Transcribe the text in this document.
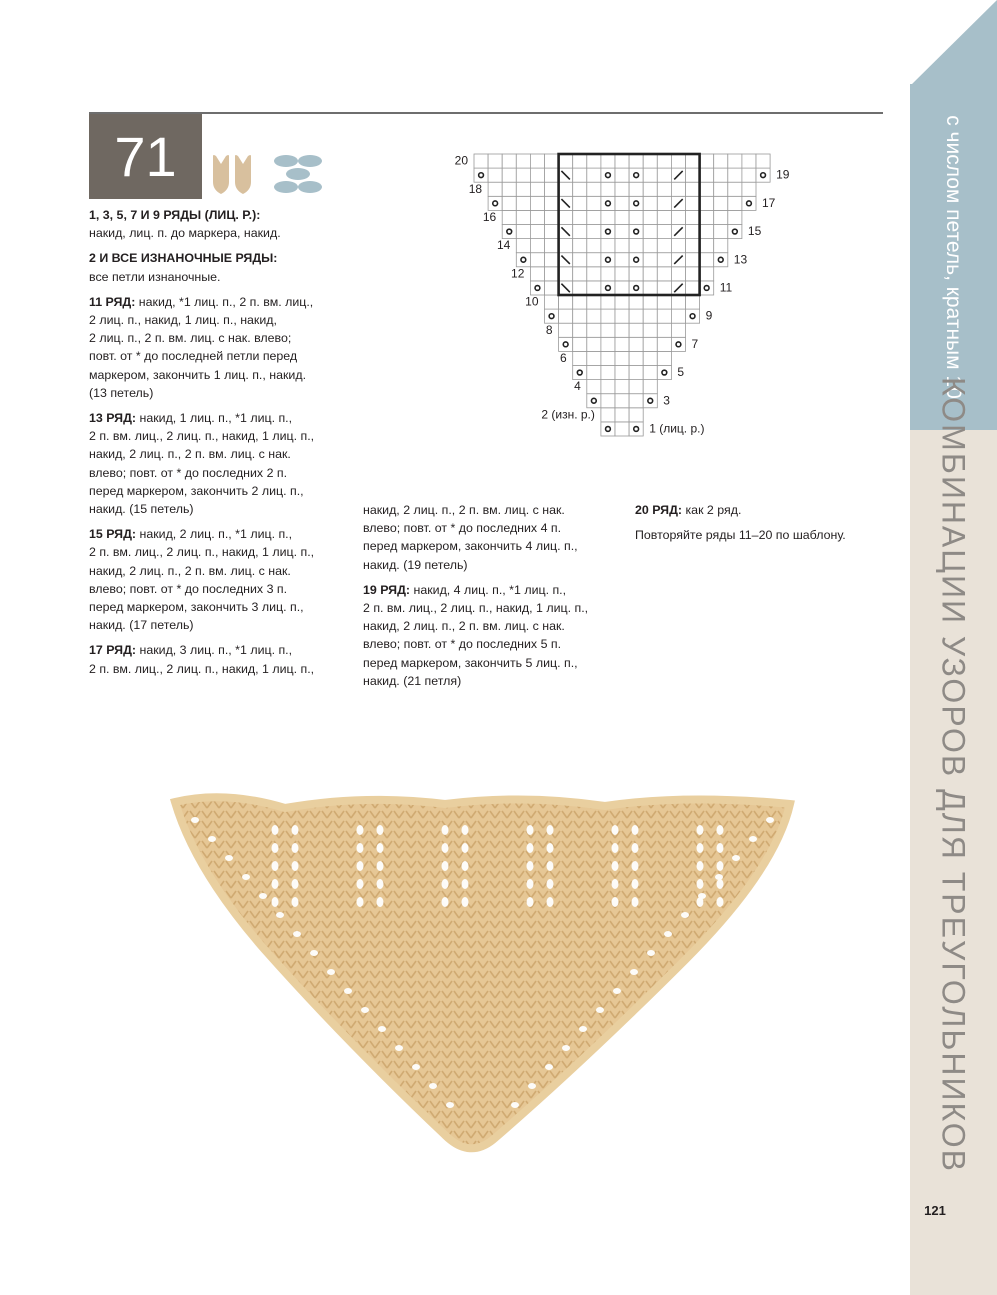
с числом петель, кратным 10
КОМБИНАЦИИ УЗОРОВ ДЛЯ ТРЕУГОЛЬНИКОВ
121
71

1, 3, 5, 7 И 9 РЯДЫ (ЛИЦ. Р.):
накид, лиц. п. до маркера, накид.

2 И ВСЕ ИЗНАНОЧНЫЕ РЯДЫ:
все петли изнаночные.

11 РЯД: накид, *1 лиц. п., 2 п. вм. лиц.,
2 лиц. п., накид, 1 лиц. п., накид,
2 лиц. п., 2 п. вм. лиц. с нак. влево;
повт. от * до последней петли перед
маркером, закончить 1 лиц. п., накид.
(13 петель)

13 РЯД: накид, 1 лиц. п., *1 лиц. п.,
2 п. вм. лиц., 2 лиц. п., накид, 1 лиц. п.,
накид, 2 лиц. п., 2 п. вм. лиц. с нак.
влево; повт. от * до последних 2 п.
перед маркером, закончить 2 лиц. п.,
накид. (15 петель)

15 РЯД: накид, 2 лиц. п., *1 лиц. п.,
2 п. вм. лиц., 2 лиц. п., накид, 1 лиц. п.,
накид, 2 лиц. п., 2 п. вм. лиц. с нак.
влево; повт. от * до последних 3 п.
перед маркером, закончить 3 лиц. п.,
накид. (17 петель)

17 РЯД: накид, 3 лиц. п., *1 лиц. п.,
2 п. вм. лиц., 2 лиц. п., накид, 1 лиц. п.,

накид, 2 лиц. п., 2 п. вм. лиц. с нак.
влево; повт. от * до последних 4 п.
перед маркером, закончить 4 лиц. п.,
накид. (19 петель)

19 РЯД: накид, 4 лиц. п., *1 лиц. п.,
2 п. вм. лиц., 2 лиц. п., накид, 1 лиц. п.,
накид, 2 лиц. п., 2 п. вм. лиц. с нак.
влево; повт. от * до последних 5 п.
перед маркером, закончить 5 лиц. п.,
накид. (21 петля)

20 РЯД: как 2 ряд.

Повторяйте ряды 11–20 по шаблону.

20
18
16
14
12
10
8
6
4
2 (изн. р.)
19
17
15
13
11
9
7
5
3
1 (лиц. р.)
